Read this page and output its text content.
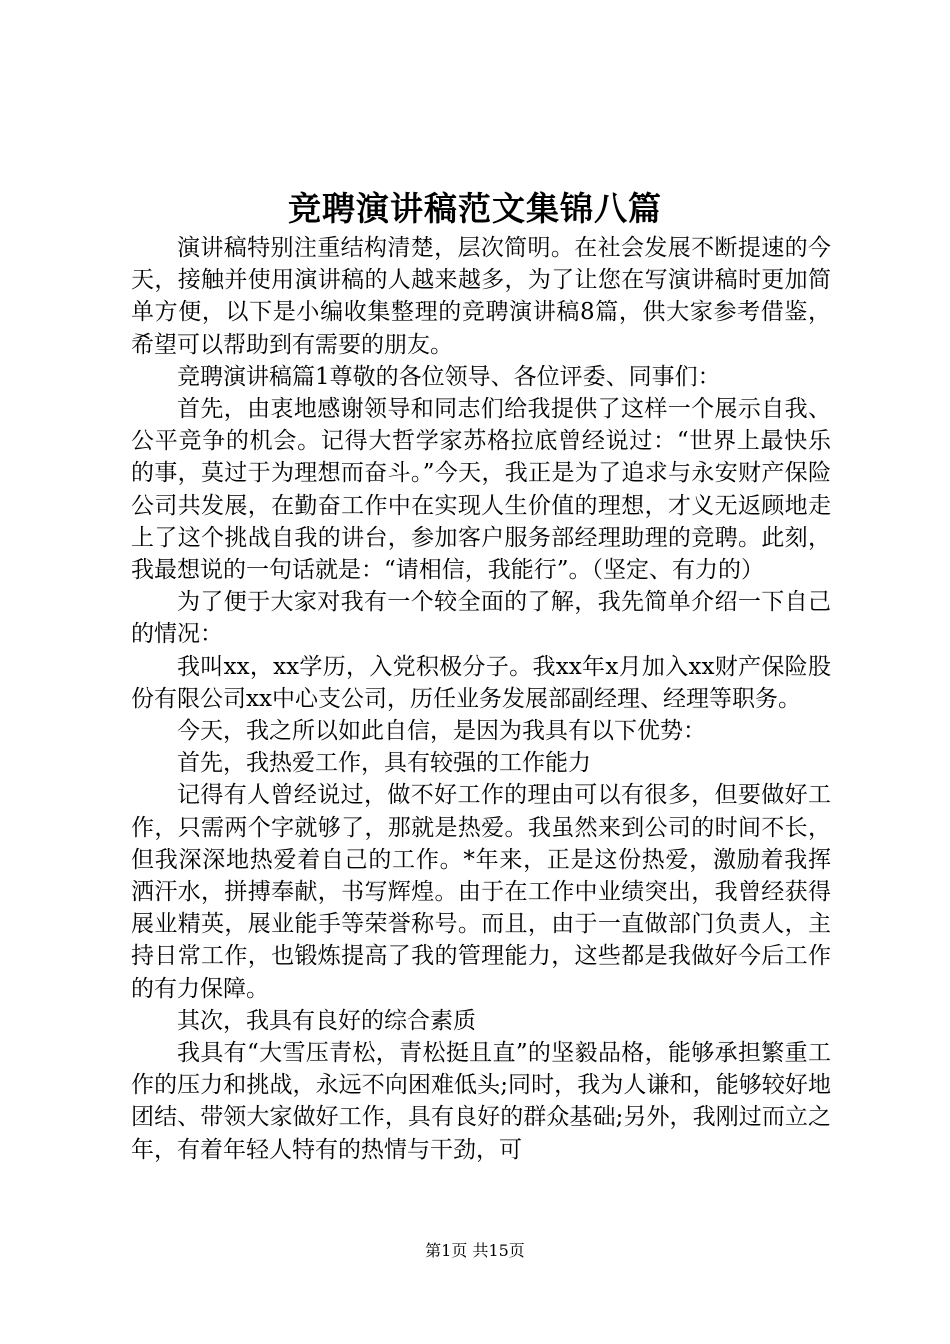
竞聘演讲稿范文集锦八篇

演讲稿特别注重结构清楚，层次简明。在社会发展不断提速的今天，接触并使用演讲稿的人越来越多，为了让您在写演讲稿时更加简单方便，以下是小编收集整理的竞聘演讲稿8篇，供大家参考借鉴，希望可以帮助到有需要的朋友。

竞聘演讲稿篇1尊敬的各位领导、各位评委、同事们：

首先，由衷地感谢领导和同志们给我提供了这样一个展示自我、公平竞争的机会。记得大哲学家苏格拉底曾经说过：“世界上最快乐的事，莫过于为理想而奋斗。”今天，我正是为了追求与永安财产保险公司共发展，在勤奋工作中在实现人生价值的理想，才义无返顾地走上了这个挑战自我的讲台，参加客户服务部经理助理的竞聘。此刻，我最想说的一句话就是：“请相信，我能行”。（坚定、有力的）

为了便于大家对我有一个较全面的了解，我先简单介绍一下自己的情况：

我叫xx，xx学历，入党积极分子。我xx年x月加入xx财产保险股份有限公司xx中心支公司，历任业务发展部副经理、经理等职务。

今天，我之所以如此自信，是因为我具有以下优势：

首先，我热爱工作，具有较强的工作能力

记得有人曾经说过，做不好工作的理由可以有很多，但要做好工作，只需两个字就够了，那就是热爱。我虽然来到公司的时间不长，但我深深地热爱着自己的工作。*年来，正是这份热爱，激励着我挥洒汗水，拼搏奉献，书写辉煌。由于在工作中业绩突出，我曾经获得展业精英，展业能手等荣誉称号。而且，由于一直做部门负责人，主持日常工作，也锻炼提高了我的管理能力，这些都是我做好今后工作的有力保障。

其次，我具有良好的综合素质

我具有“大雪压青松，青松挺且直”的坚毅品格，能够承担繁重工作的压力和挑战，永远不向困难低头;同时，我为人谦和，能够较好地团结、带领大家做好工作，具有良好的群众基础;另外，我刚过而立之年，有着年轻人特有的热情与干劲，可

第1页 共15页
